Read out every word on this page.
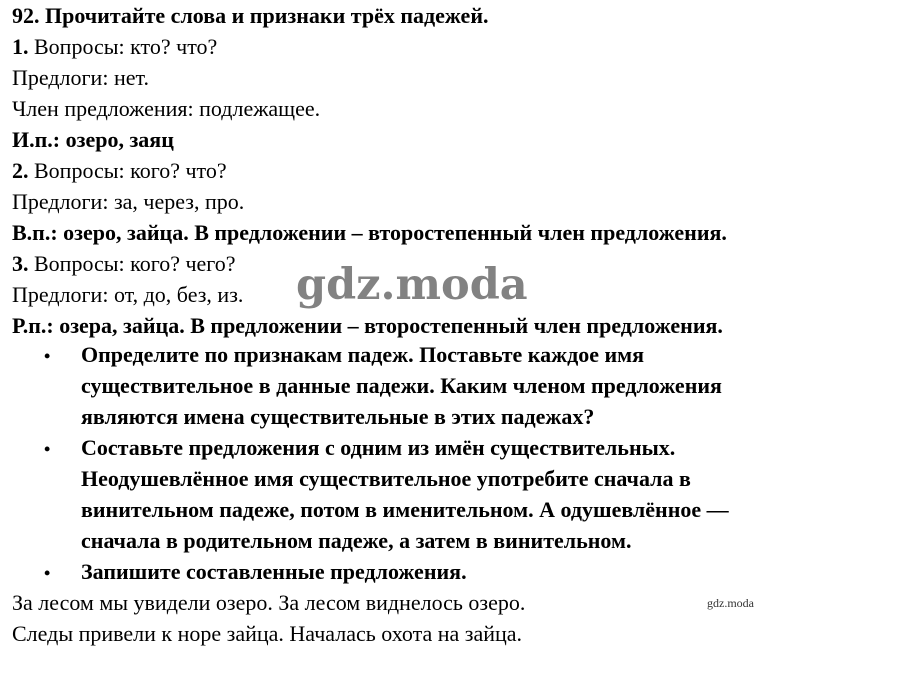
92. Прочитайте слова и признаки трёх падежей.
1. Вопросы: кто? что?
Предлоги: нет.
Член предложения: подлежащее.
И.п.: озеро, заяц
2. Вопросы: кого? что?
Предлоги: за, через, про.
В.п.: озеро, зайца. В предложении – второстепенный член предложения.
3. Вопросы: кого? чего?
Предлоги: от, до, без, из.
Р.п.: озера, зайца. В предложении – второстепенный член предложения.
• Определите по признакам падеж. Поставьте каждое имя
существительное в данные падежи. Каким членом предложения
являются имена существительные в этих падежах?
• Составьте предложения с одним из имён существительных.
Неодушевлённое имя существительное употребите сначала в
винительном падеже, потом в именительном. А одушевлённое —
сначала в родительном падеже, а затем в винительном.
• Запишите составленные предложения.
За лесом мы увидели озеро. За лесом виднелось озеро.
Следы привели к норе зайца. Началась охота на зайца.
gdz.moda
gdz.moda
